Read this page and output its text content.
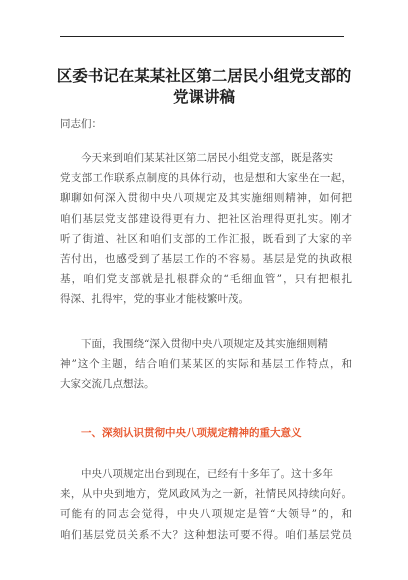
区委书记在某某社区第二居民小组党支部的
党课讲稿
同志们：
今天来到咱们某某社区第二居民小组党支部，既是落实
党支部工作联系点制度的具体行动，也是想和大家坐在一起，
聊聊如何深入贯彻中央八项规定及其实施细则精神，如何把
咱们基层党支部建设得更有力、把社区治理得更扎实。刚才
听了街道、社区和咱们支部的工作汇报，既看到了大家的辛
苦付出，也感受到了基层工作的不容易。基层是党的执政根
基，咱们党支部就是扎根群众的“毛细血管”，只有把根扎
得深、扎得牢，党的事业才能枝繁叶茂。
下面，我围绕“深入贯彻中央八项规定及其实施细则精
神”这个主题，结合咱们某某区的实际和基层工作特点，和
大家交流几点想法。
一、深刻认识贯彻中央八项规定精神的重大意义
中央八项规定出台到现在，已经有十多年了。这十多年
来，从中央到地方，党风政风为之一新，社情民风持续向好。
可能有的同志会觉得，中央八项规定是管“大领导”的，和
咱们基层党员关系不大？这种想法可要不得。咱们基层党员
